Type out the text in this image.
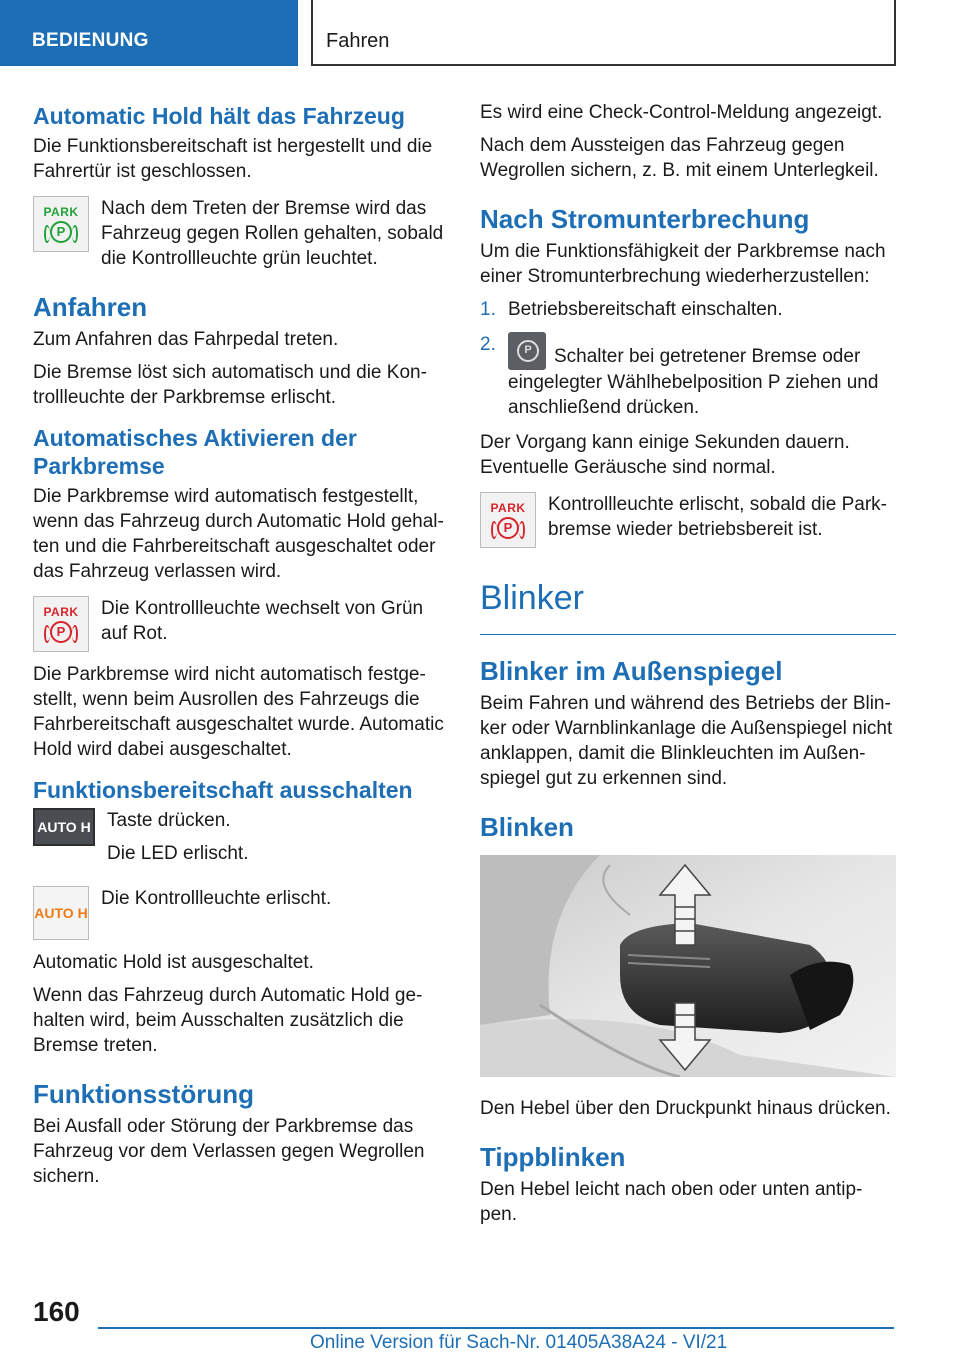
BEDIENUNG	Fahren
Automatic Hold hält das Fahrzeug

Die Funktionsbereitschaft ist hergestellt und die Fahrertür ist geschlossen.

PARK
P
Nach dem Treten der Bremse wird das Fahrzeug gegen Rollen gehalten, sobald die Kontrollleuchte grün leuchtet.
Anfahren

Zum Anfahren das Fahrpedal treten.

Die Bremse löst sich automatisch und die Kon-trollleuchte der Parkbremse erlischt.

Automatisches Aktivieren der Parkbremse

Die Parkbremse wird automatisch festgestellt, wenn das Fahrzeug durch Automatic Hold gehal-ten und die Fahrbereitschaft ausgeschaltet oder das Fahrzeug verlassen wird.

PARK
P
Die Kontrollleuchte wechselt von Grün auf Rot.

Die Parkbremse wird nicht automatisch festge-stellt, wenn beim Ausrollen des Fahrzeugs die Fahrbereitschaft ausgeschaltet wurde. Automatic Hold wird dabei ausgeschaltet.

Funktionsbereitschaft ausschalten
AUTO H Taste drücken.

Die LED erlischt.

AUTO H
Die Kontrollleuchte erlischt.

Automatic Hold ist ausgeschaltet.

Wenn das Fahrzeug durch Automatic Hold ge-halten wird, beim Ausschalten zusätzlich die Bremse treten.

Funktionsstörung

Bei Ausfall oder Störung der Parkbremse das Fahrzeug vor dem Verlassen gegen Wegrollen sichern.

Es wird eine Check-Control-Meldung angezeigt.

Nach dem Aussteigen das Fahrzeug gegen Wegrollen sichern, z. B. mit einem Unterlegkeil.

Nach Stromunterbrechung

Um die Funktionsfähigkeit der Parkbremse nach einer Stromunterbrechung wiederherzustellen:

1. Betriebsbereitschaft einschalten.
2.
PSchalter bei getretener Bremse oder eingelegter Wählhebelposition P ziehen und anschließend drücken.

Der Vorgang kann einige Sekunden dauern. Eventuelle Geräusche sind normal.

PARK
P
Kontrollleuchte erlischt, sobald die Park-bremse wieder betriebsbereit ist.
Blinker
Blinker im Außenspiegel

Beim Fahren und während des Betriebs der Blin-ker oder Warnblinkanlage die Außenspiegel nicht anklappen, damit die Blinkleuchten im Außen-spiegel gut zu erkennen sind.

Blinken

Den Hebel über den Druckpunkt hinaus drücken.

Tippblinken

Den Hebel leicht nach oben oder unten antip-pen.

160
Online Version für Sach-Nr. 01405A38A24 - VI/21
